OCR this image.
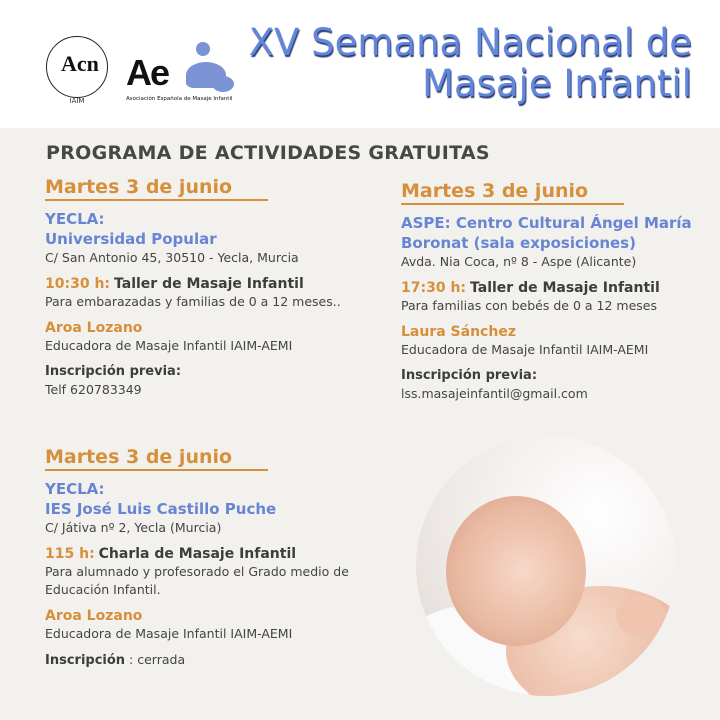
Acn
IAIM
Ae
Asociación Española de Masaje Infantil
XV Semana Nacional de
Masaje Infantil
PROGRAMA DE ACTIVIDADES GRATUITAS
Martes 3 de junio
YECLA:
Universidad Popular
C/ San Antonio 45, 30510 - Yecla, Murcia
10:30 h: Taller de Masaje Infantil
Para embarazadas y familias de 0 a 12 meses..
Aroa Lozano
Educadora de Masaje Infantil IAIM-AEMI
Inscripción previa:
Telf 620783349
Martes 3 de junio
YECLA:
IES José Luis Castillo Puche
C/ Játiva nº 2, Yecla (Murcia)
115 h: Charla de Masaje Infantil
Para alumnado y profesorado el Grado medio de Educación Infantil.
Aroa Lozano
Educadora de Masaje Infantil IAIM-AEMI
Inscripción : cerrada
Martes 3 de junio
ASPE: Centro Cultural Ángel María Boronat (sala exposiciones)
Avda. Nia Coca, nº 8 - Aspe (Alicante)
17:30 h: Taller de Masaje Infantil
Para familias con bebés de 0 a 12 meses
Laura Sánchez
Educadora de Masaje Infantil IAIM-AEMI
Inscripción previa:
lss.masajeinfantil@gmail.com
